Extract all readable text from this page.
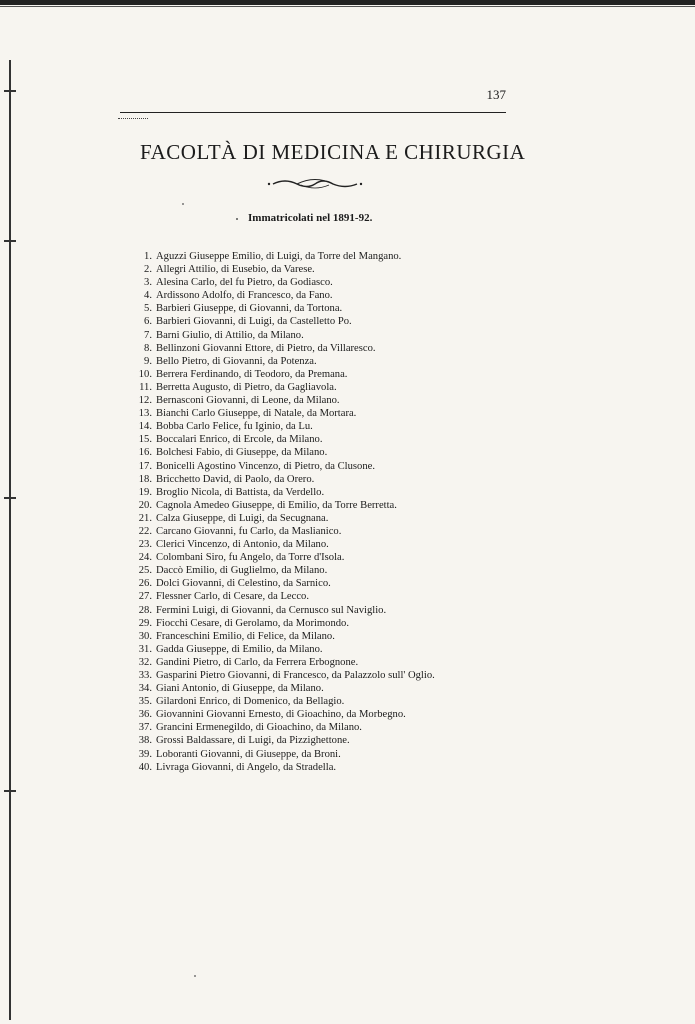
137
FACOLTÀ DI MEDICINA E CHIRURGIA
Immatricolati nel 1891-92.
1. Aguzzi Giuseppe Emilio, di Luigi, da Torre del Mangano.
2. Allegri Attilio, di Eusebio, da Varese.
3. Alesina Carlo, del fu Pietro, da Godiasco.
4. Ardissono Adolfo, di Francesco, da Fano.
5. Barbieri Giuseppe, di Giovanni, da Tortona.
6. Barbieri Giovanni, di Luigi, da Castelletto Po.
7. Barni Giulio, di Attilio, da Milano.
8. Bellinzoni Giovanni Ettore, di Pietro, da Villaresco.
9. Bello Pietro, di Giovanni, da Potenza.
10. Berrera Ferdinando, di Teodoro, da Premana.
11. Berretta Augusto, di Pietro, da Gagliavola.
12. Bernasconi Giovanni, di Leone, da Milano.
13. Bianchi Carlo Giuseppe, di Natale, da Mortara.
14. Bobba Carlo Felice, fu Iginio, da Lu.
15. Boccalari Enrico, di Ercole, da Milano.
16. Bolchesi Fabio, di Giuseppe, da Milano.
17. Bonicelli Agostino Vincenzo, di Pietro, da Clusone.
18. Bricchetto David, di Paolo, da Orero.
19. Broglio Nicola, di Battista, da Verdello.
20. Cagnola Amedeo Giuseppe, di Emilio, da Torre Berretta.
21. Calza Giuseppe, di Luigi, da Secugnana.
22. Carcano Giovanni, fu Carlo, da Maslianico.
23. Clerici Vincenzo, di Antonio, da Milano.
24. Colombani Siro, fu Angelo, da Torre d'Isola.
25. Daccò Emilio, di Guglielmo, da Milano.
26. Dolci Giovanni, di Celestino, da Sarnico.
27. Flessner Carlo, di Cesare, da Lecco.
28. Fermini Luigi, di Giovanni, da Cernusco sul Naviglio.
29. Fiocchi Cesare, di Gerolamo, da Morimondo.
30. Franceschini Emilio, di Felice, da Milano.
31. Gadda Giuseppe, di Emilio, da Milano.
32. Gandini Pietro, di Carlo, da Ferrera Erbognone.
33. Gasparini Pietro Giovanni, di Francesco, da Palazzolo sull' Oglio.
34. Giani Antonio, di Giuseppe, da Milano.
35. Gilardoni Enrico, di Domenico, da Bellagio.
36. Giovannini Giovanni Ernesto, di Gioachino, da Morbegno.
37. Grancini Ermenegildo, di Gioachino, da Milano.
38. Grossi Baldassare, di Luigi, da Pizzighettone.
39. Loboranti Giovanni, di Giuseppe, da Broni.
40. Livraga Giovanni, di Angelo, da Stradella.
